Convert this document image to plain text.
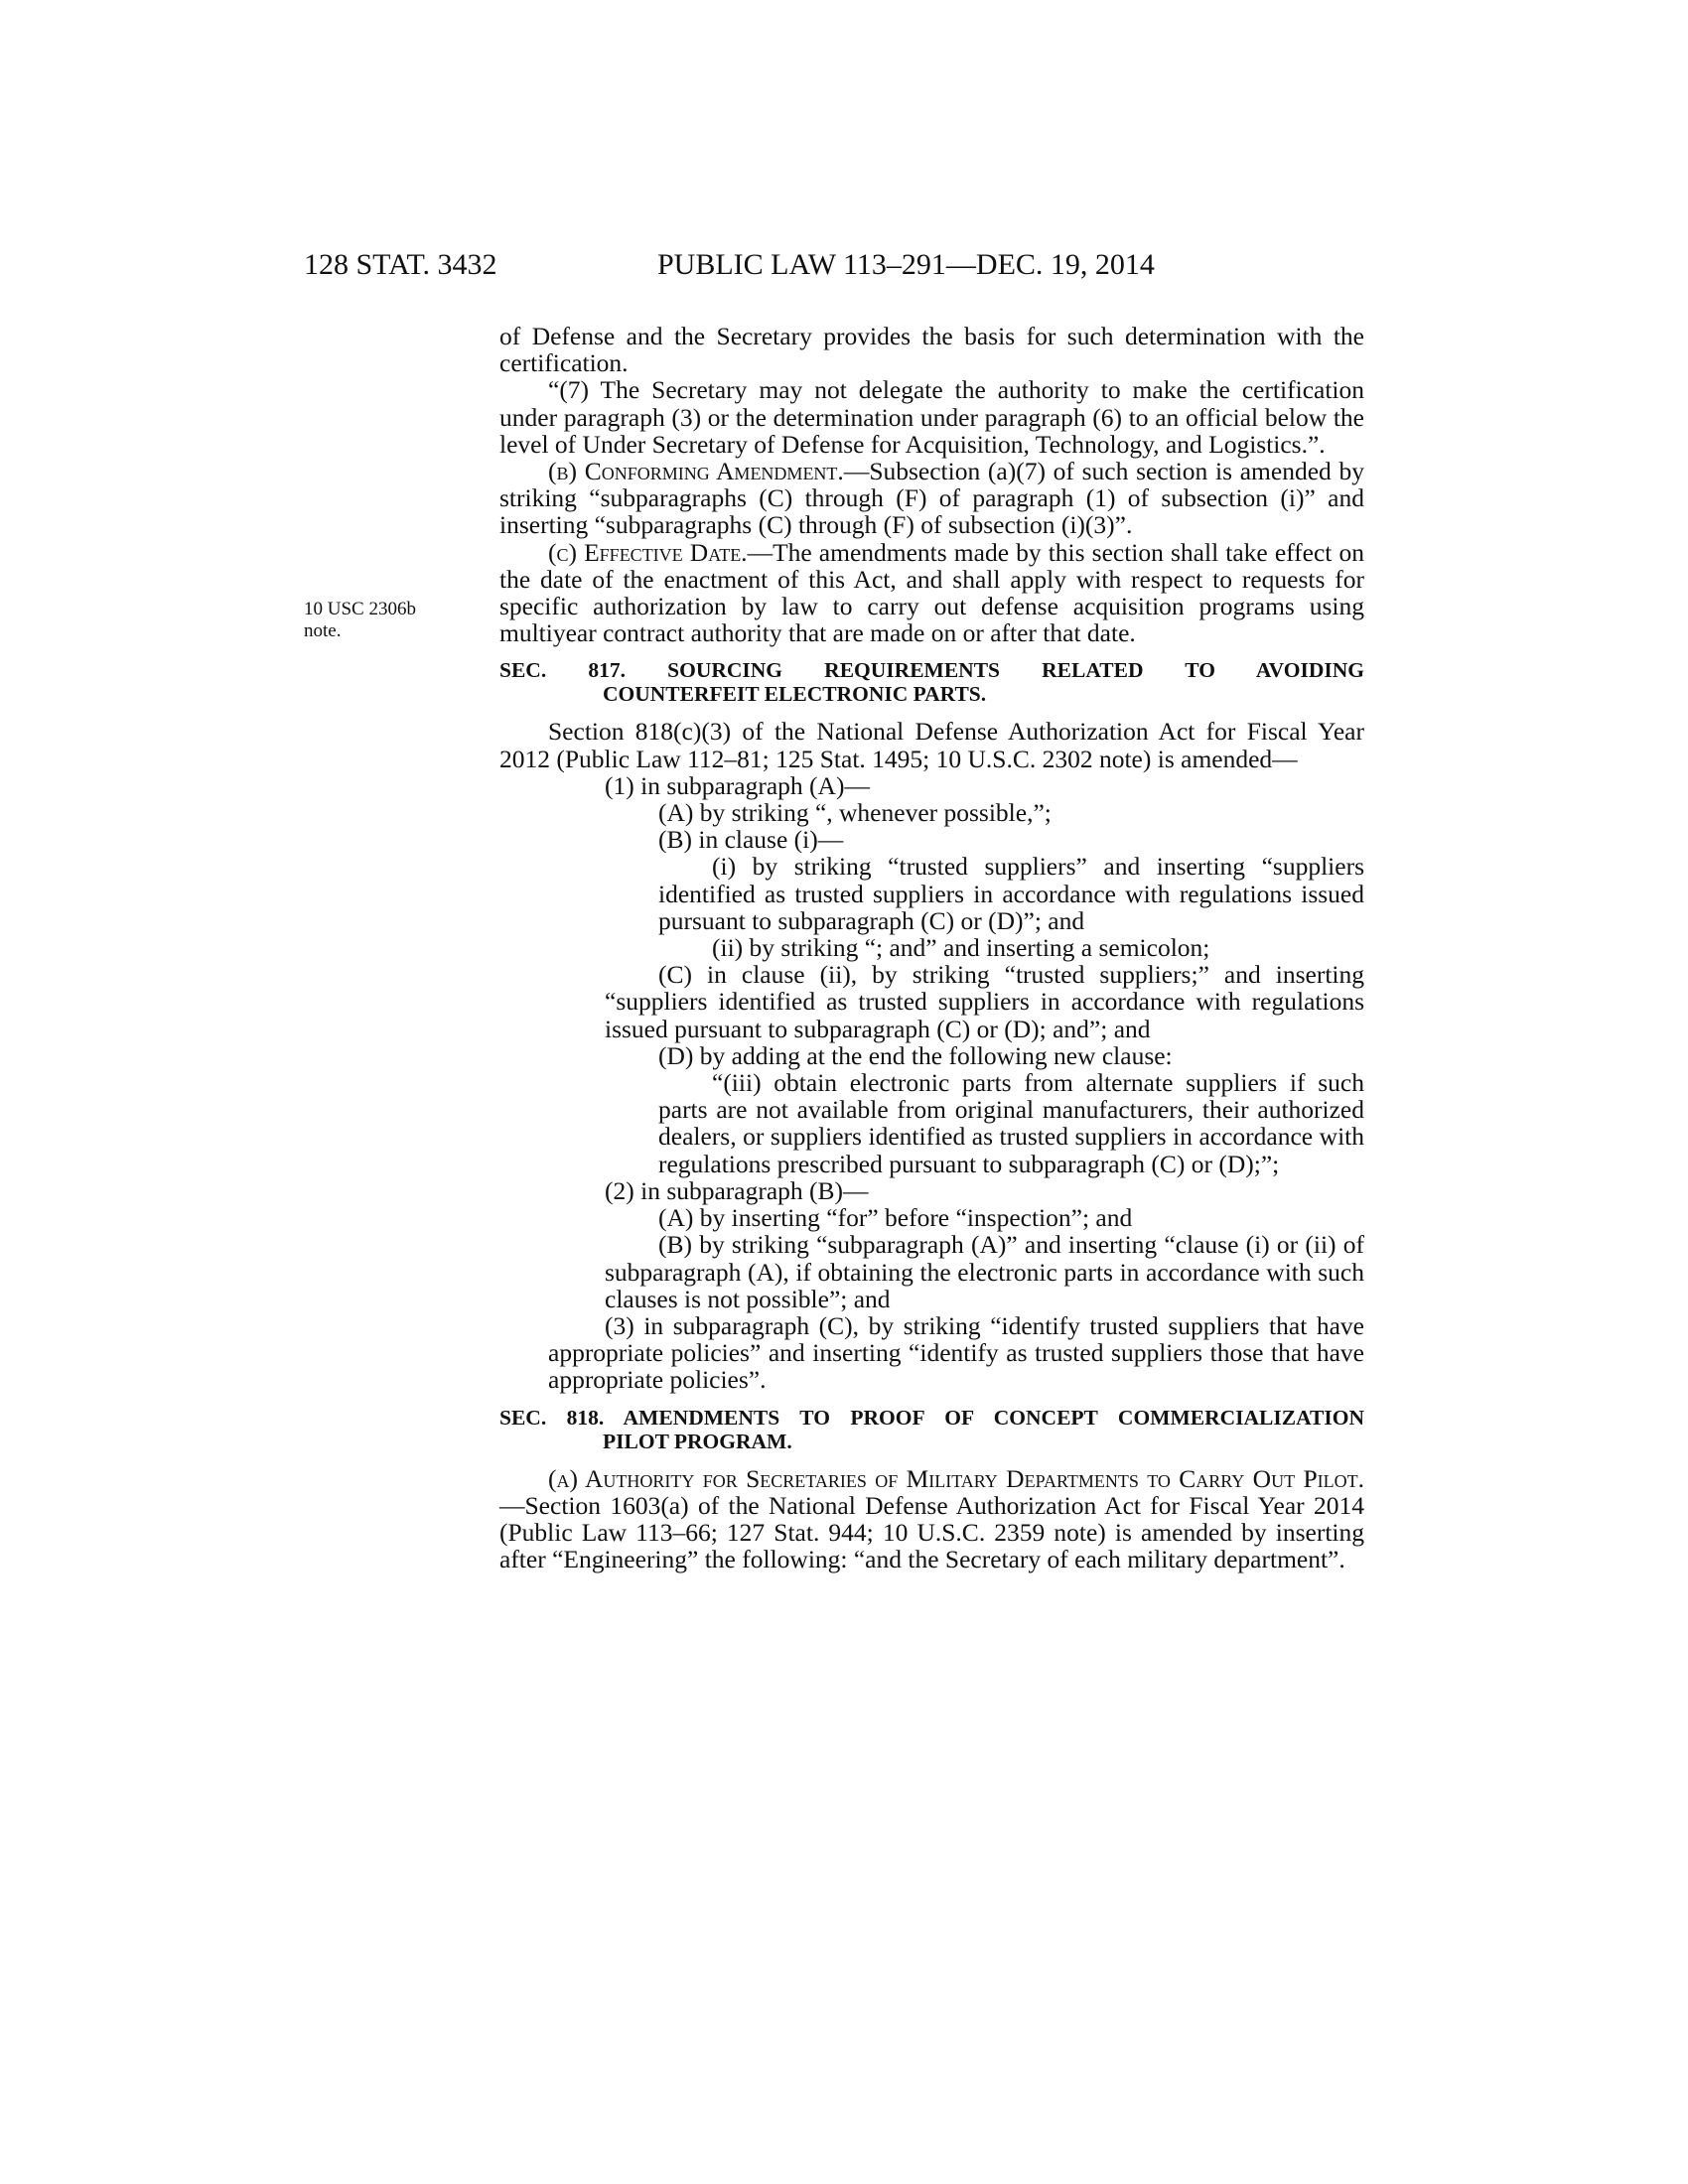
128 STAT. 3432	PUBLIC LAW 113–291—DEC. 19, 2014
10 USC 2306b
note.

of Defense and the Secretary provides the basis for such determination with the certification.

“(7) The Secretary may not delegate the authority to make the certification under paragraph (3) or the determination under paragraph (6) to an official below the level of Under Secretary of Defense for Acquisition, Technology, and Logistics.”.

(b) Conforming Amendment.—Subsection (a)(7) of such section is amended by striking “subparagraphs (C) through (F) of paragraph (1) of subsection (i)” and inserting “subparagraphs (C) through (F) of subsection (i)(3)”.

(c) Effective Date.—The amendments made by this section shall take effect on the date of the enactment of this Act, and shall apply with respect to requests for specific authorization by law to carry out defense acquisition programs using multiyear contract authority that are made on or after that date.

SEC. 817. SOURCING REQUIREMENTS RELATED TO AVOIDING
COUNTERFEIT ELECTRONIC PARTS.

Section 818(c)(3) of the National Defense Authorization Act for Fiscal Year 2012 (Public Law 112–81; 125 Stat. 1495; 10 U.S.C. 2302 note) is amended—

(1) in subparagraph (A)—

(A) by striking “, whenever possible,”;

(B) in clause (i)—

(i) by striking “trusted suppliers” and inserting “suppliers identified as trusted suppliers in accordance with regulations issued pursuant to subparagraph (C) or (D)”; and

(ii) by striking “; and” and inserting a semicolon;

(C) in clause (ii), by striking “trusted suppliers;” and inserting “suppliers identified as trusted suppliers in accordance with regulations issued pursuant to subparagraph (C) or (D); and”; and

(D) by adding at the end the following new clause:

“(iii) obtain electronic parts from alternate suppliers if such parts are not available from original manufacturers, their authorized dealers, or suppliers identified as trusted suppliers in accordance with regulations prescribed pursuant to subparagraph (C) or (D);”;

(2) in subparagraph (B)—

(A) by inserting “for” before “inspection”; and

(B) by striking “subparagraph (A)” and inserting “clause (i) or (ii) of subparagraph (A), if obtaining the electronic parts in accordance with such clauses is not possible”; and

(3) in subparagraph (C), by striking “identify trusted suppliers that have appropriate policies” and inserting “identify as trusted suppliers those that have appropriate policies”.

SEC. 818. AMENDMENTS TO PROOF OF CONCEPT COMMERCIALIZATION
PILOT PROGRAM.

(a) Authority for Secretaries of Military Departments to Carry Out Pilot.—Section 1603(a) of the National Defense Authorization Act for Fiscal Year 2014 (Public Law 113–66; 127 Stat. 944; 10 U.S.C. 2359 note) is amended by inserting after “Engineering” the following: “and the Secretary of each military department”.
